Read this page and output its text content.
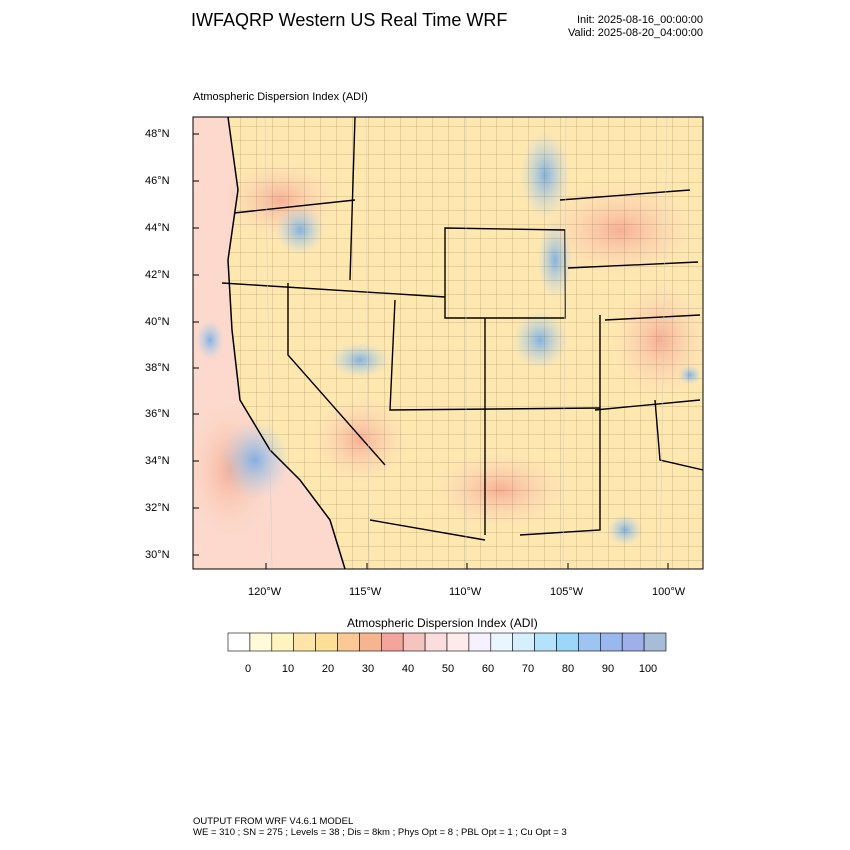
IWFAQRP Western US Real Time WRF	Init: 2025-08-16_00:00:00
Valid: 2025-08-20_04:00:00
Atmospheric Dispersion Index (ADI)
48°N
46°N
44°N
42°N
40°N
38°N
36°N
34°N
32°N
30°N
120°W	115°W	110°W	105°W	100°W
Atmospheric Dispersion Index (ADI)
0	10	20	30	40	50	60	70	80	90 100
OUTPUT FROM WRF V4.6.1 MODEL
WE = 310 ; SN = 275 ; Levels = 38 ; Dis = 8km ; Phys Opt = 8 ; PBL Opt = 1 ; Cu Opt = 3
